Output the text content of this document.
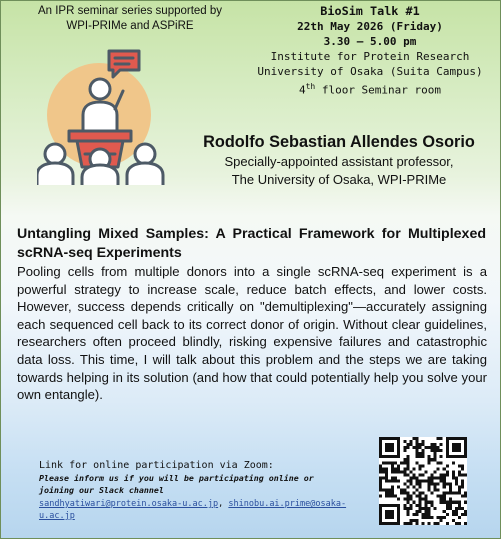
An IPR seminar series supported by
WPI-PRIMe and ASPiRE
BioSim Talk #1
22th May 2026 (Friday)
3.30 – 5.00 pm
Institute for Protein Research
University of Osaka (Suita Campus)
4th floor Seminar room
Rodolfo Sebastian Allendes Osorio
Specially-appointed assistant professor,
The University of Osaka, WPI-PRIMe
Untangling Mixed Samples: A Practical Framework for Multiplexed scRNA-seq Experiments
Pooling cells from multiple donors into a single scRNA-seq experiment is a powerful strategy to increase scale, reduce batch effects, and lower costs. However, success depends critically on "demultiplexing"—accurately assigning each sequenced cell back to its correct donor of origin. Without clear guidelines, researchers often proceed blindly, risking expensive failures and catastrophic data loss. This time, I will talk about this problem and the steps we are taking towards helping in its solution (and how that could potentially help you solve your own entangle).
Link for online participation via Zoom:
Please inform us if you will be participating online or
joining our Slack channel
sandhyatiwari@protein.osaka-u.ac.jp, shinobu.ai.prime@osaka-u.ac.jp
